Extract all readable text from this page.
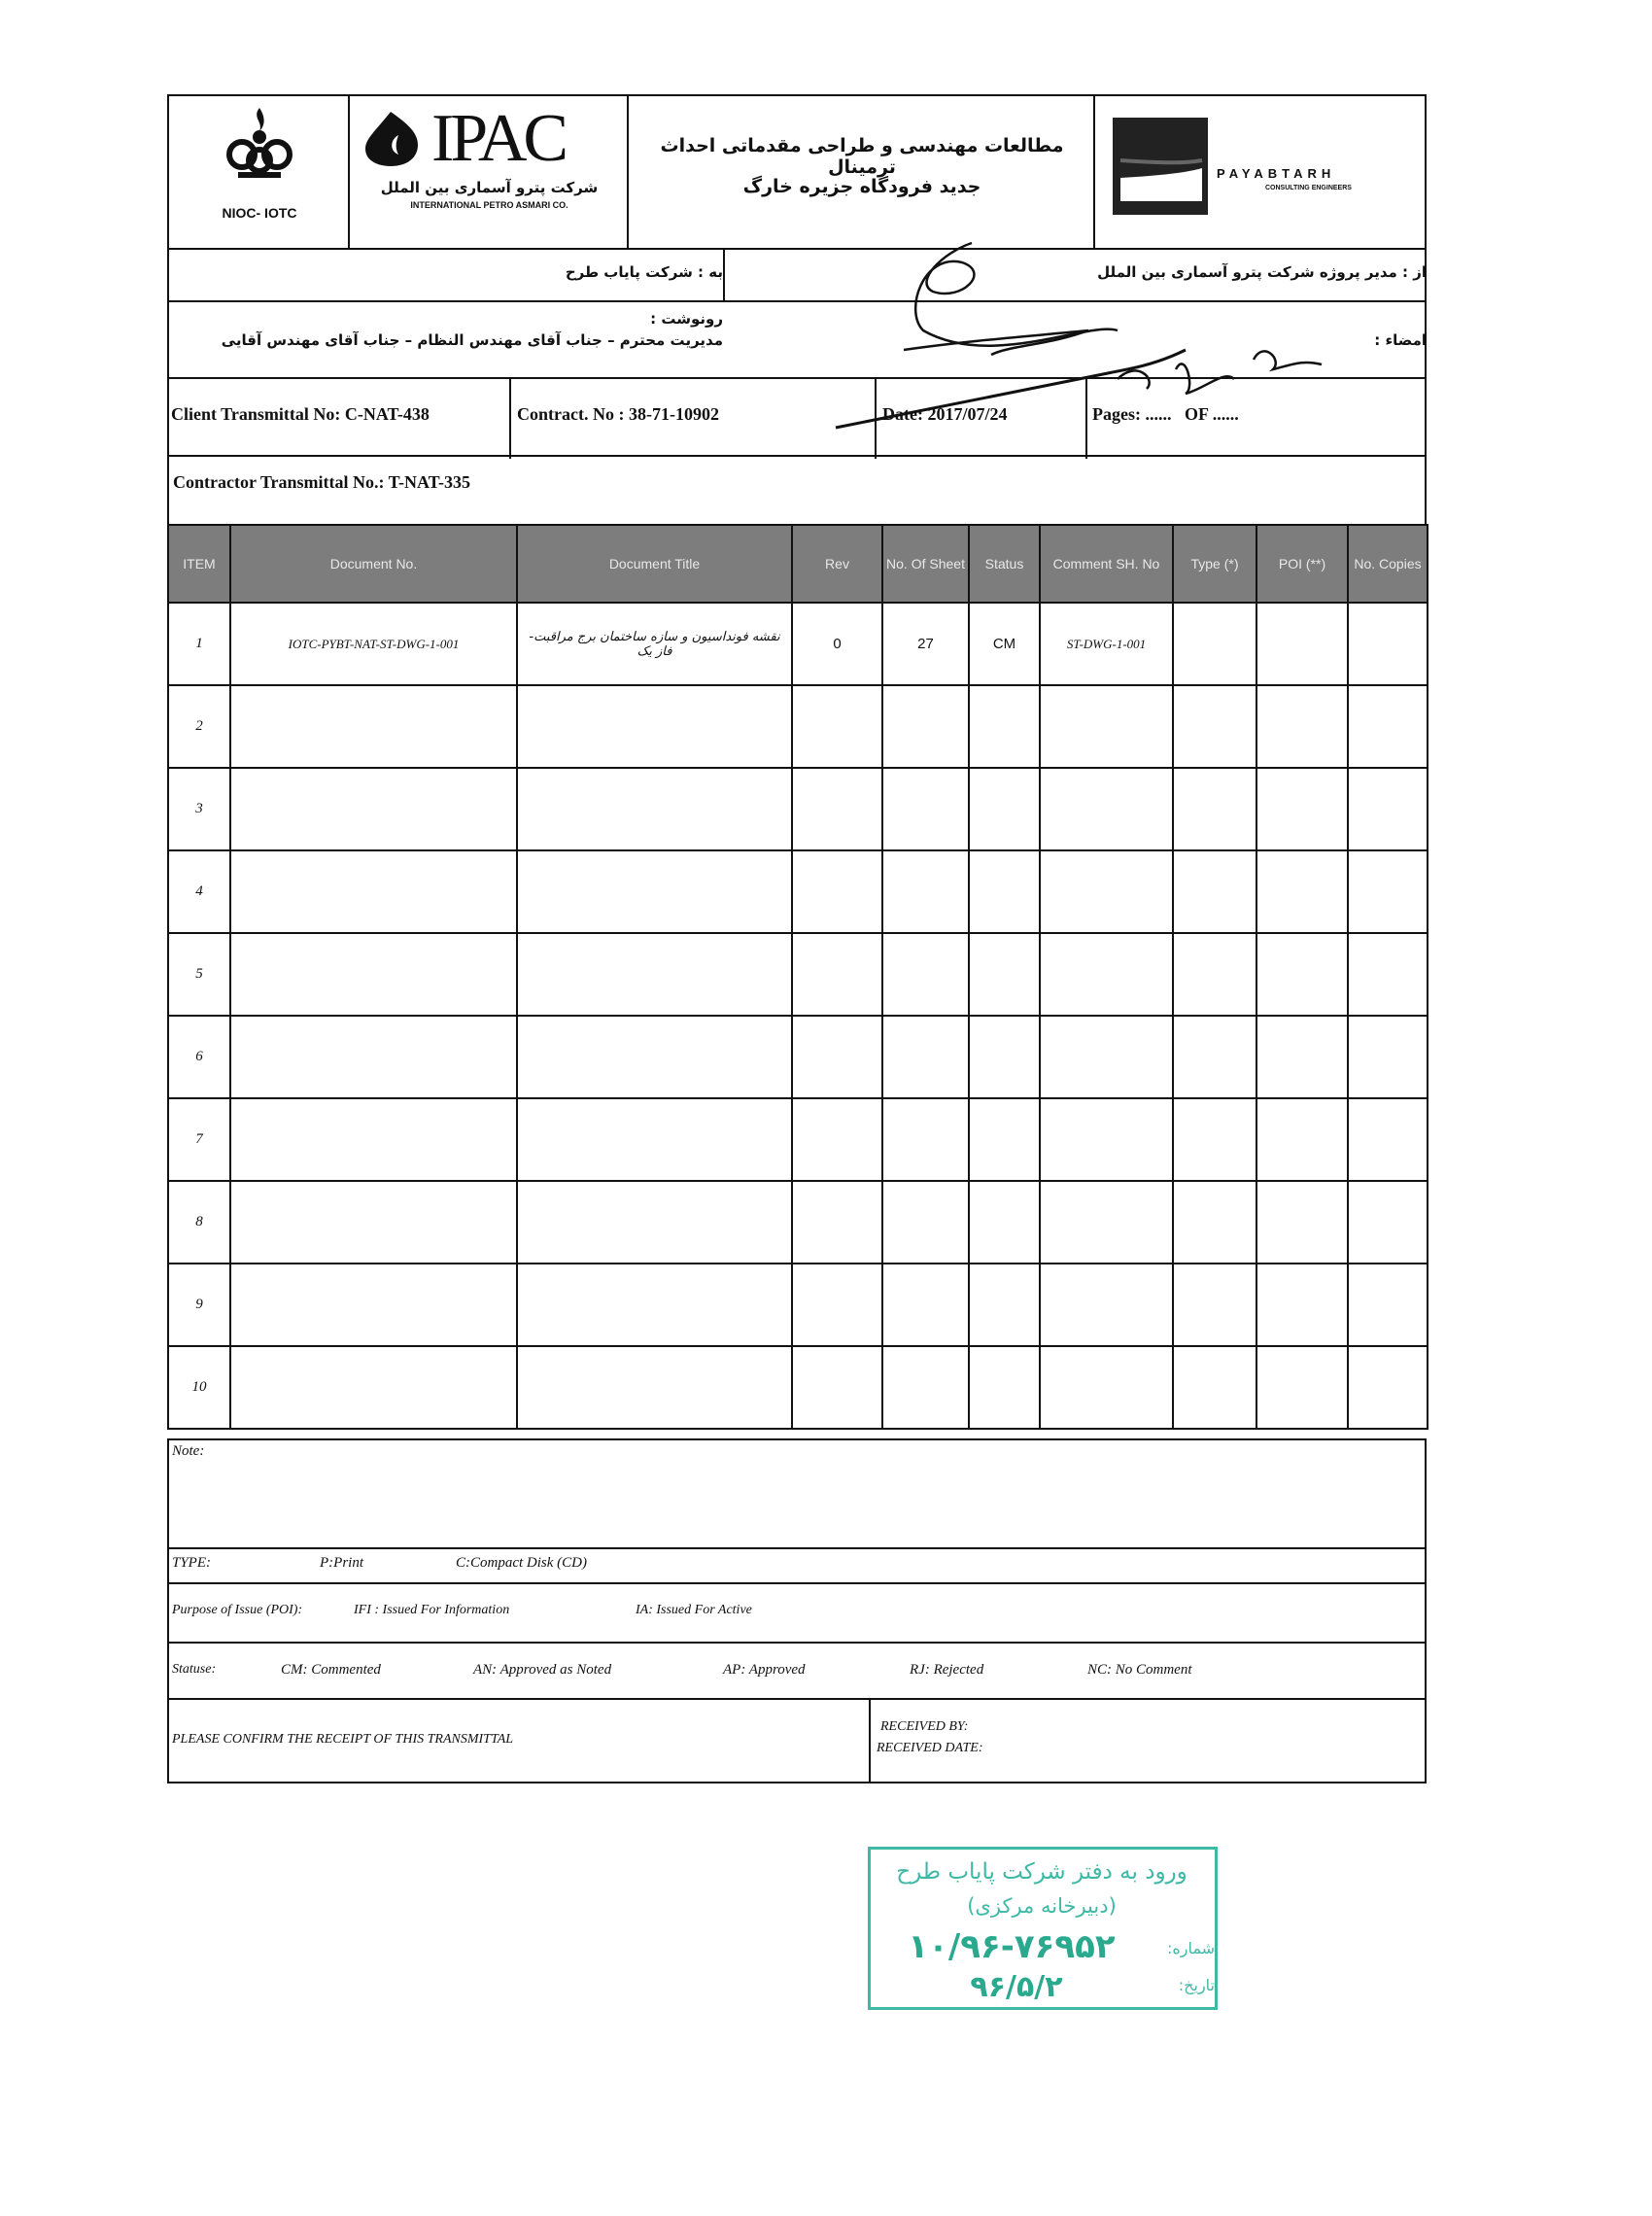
NIOC- IOTC
IPAC
شرکت پترو آسماری بین الملل
INTERNATIONAL PETRO ASMARI CO.
مطالعات مهندسی و طراحی مقدماتی احداث ترمینال
جدید فرودگاه جزیره خارگ
PAYABTARH
CONSULTING ENGINEERS
به : شرکت پایاب طرح	از : مدیر پروژه شرکت پترو آسماری بین الملل
رونوشت :
مدیریت محترم – جناب آقای مهندس النظام – جناب آقای مهندس آقایی	امضاء :
Client Transmittal No: C-NAT-438	Contract. No : 38-71-10902	Date: 2017/07/24	Pages: ......   OF ......
Contractor Transmittal No.: T-NAT-335
ITEM	Document No.	Document Title	Rev	No. Of Sheet	Status	Comment SH. No	Type (*)	POI (**)	No. Copies
1	IOTC-PYBT-NAT-ST-DWG-1-001	نقشه فونداسیون و سازه ساختمان برج مراقبت- فاز یک	0	27	CM	ST-DWG-1-001			
2									
3									
4									
5									
6									
7									
8									
9									
10									
Note:
TYPE:	P:Print	C:Compact Disk (CD)
Purpose of Issue (POI):	IFI : Issued For Information	IA: Issued For Active
Statuse:	CM: Commented	AN: Approved as Noted	AP: Approved	RJ: Rejected	NC: No Comment
PLEASE CONFIRM THE RECEIPT OF THIS TRANSMITTAL
RECEIVED BY:
RECEIVED DATE:
ورود به دفتر شرکت پایاب طرح
(دبیرخانه مرکزی)
شماره:
۱۰/۹۶-۷۶۹۵۲
تاریخ:
۹۶/۵/۲
